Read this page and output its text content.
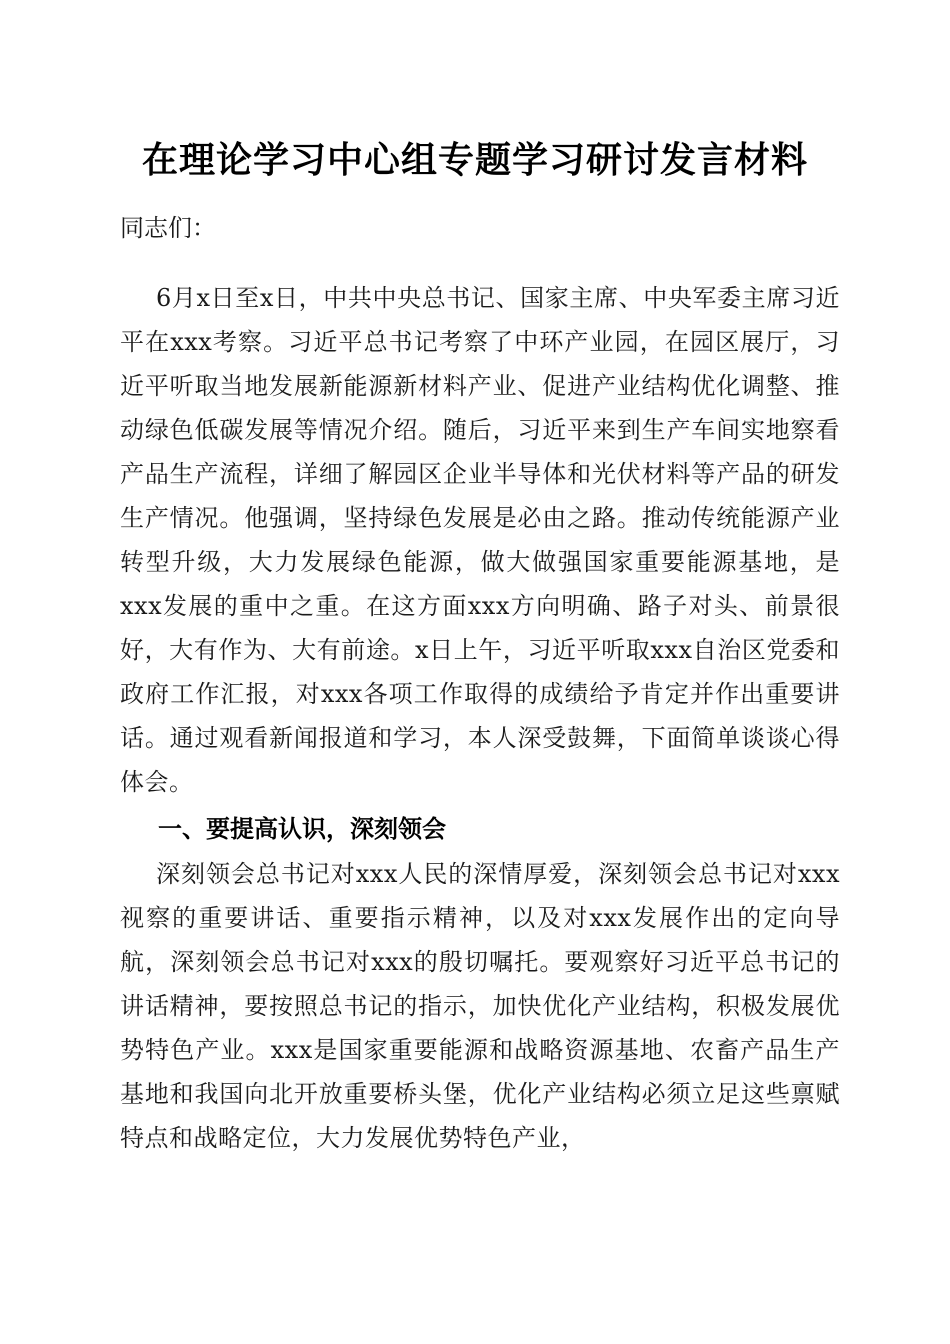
在理论学习中心组专题学习研讨发言材料
同志们：
6月x日至x日，中共中央总书记、国家主席、中央军委主席习近平在xxx考察。习近平总书记考察了中环产业园，在园区展厅，习近平听取当地发展新能源新材料产业、促进产业结构优化调整、推动绿色低碳发展等情况介绍。随后，习近平来到生产车间实地察看产品生产流程，详细了解园区企业半导体和光伏材料等产品的研发生产情况。他强调，坚持绿色发展是必由之路。推动传统能源产业转型升级，大力发展绿色能源，做大做强国家重要能源基地，是xxx发展的重中之重。在这方面xxx方向明确、路子对头、前景很好，大有作为、大有前途。x日上午，习近平听取xxx自治区党委和政府工作汇报，对xxx各项工作取得的成绩给予肯定并作出重要讲话。通过观看新闻报道和学习，本人深受鼓舞，下面简单谈谈心得体会。
一、要提高认识，深刻领会
深刻领会总书记对xxx人民的深情厚爱，深刻领会总书记对xxx视察的重要讲话、重要指示精神，以及对xxx发展作出的定向导航，深刻领会总书记对xxx的殷切嘱托。要观察好习近平总书记的讲话精神，要按照总书记的指示，加快优化产业结构，积极发展优势特色产业。xxx是国家重要能源和战略资源基地、农畜产品生产基地和我国向北开放重要桥头堡，优化产业结构必须立足这些禀赋特点和战略定位，大力发展优势特色产业，
